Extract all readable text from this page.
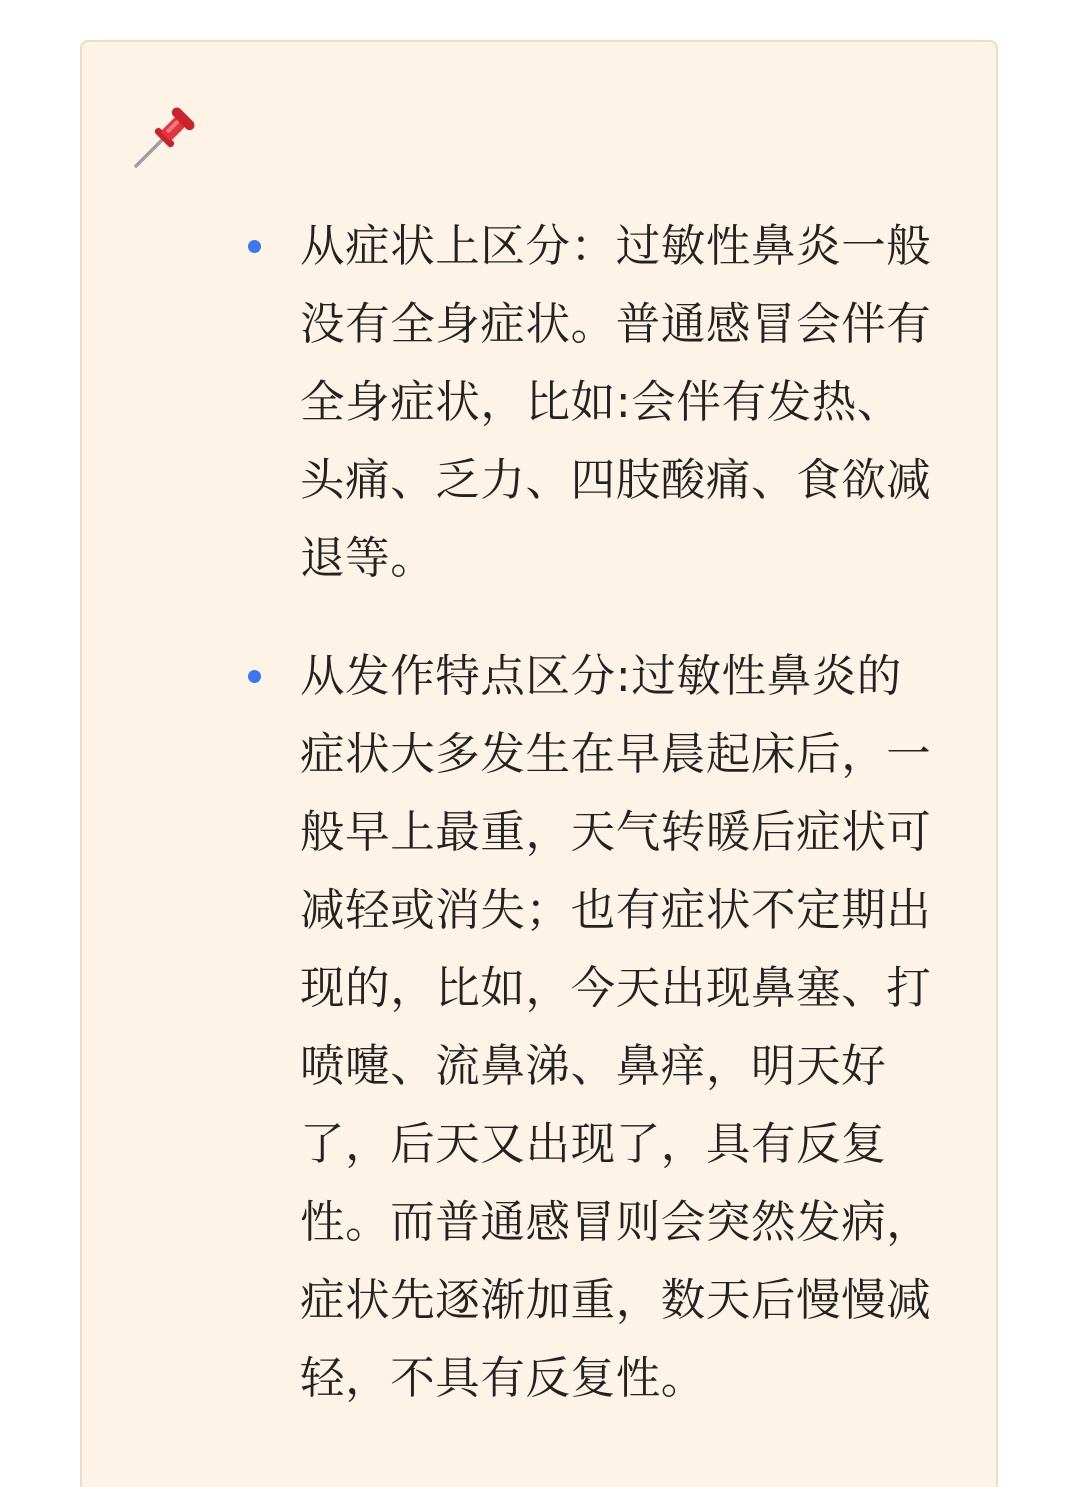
从症状上区分：过敏性鼻炎一般没有全身症状。普通感冒会伴有全身症状，比如:会伴有发热、头痛、乏力、四肢酸痛、食欲减退等。
从发作特点区分:过敏性鼻炎的症状大多发生在早晨起床后，一般早上最重，天气转暖后症状可减轻或消失；也有症状不定期出现的，比如，今天出现鼻塞、打喷嚏、流鼻涕、鼻痒，明天好了，后天又出现了，具有反复性。而普通感冒则会突然发病，症状先逐渐加重，数天后慢慢减轻，不具有反复性。
